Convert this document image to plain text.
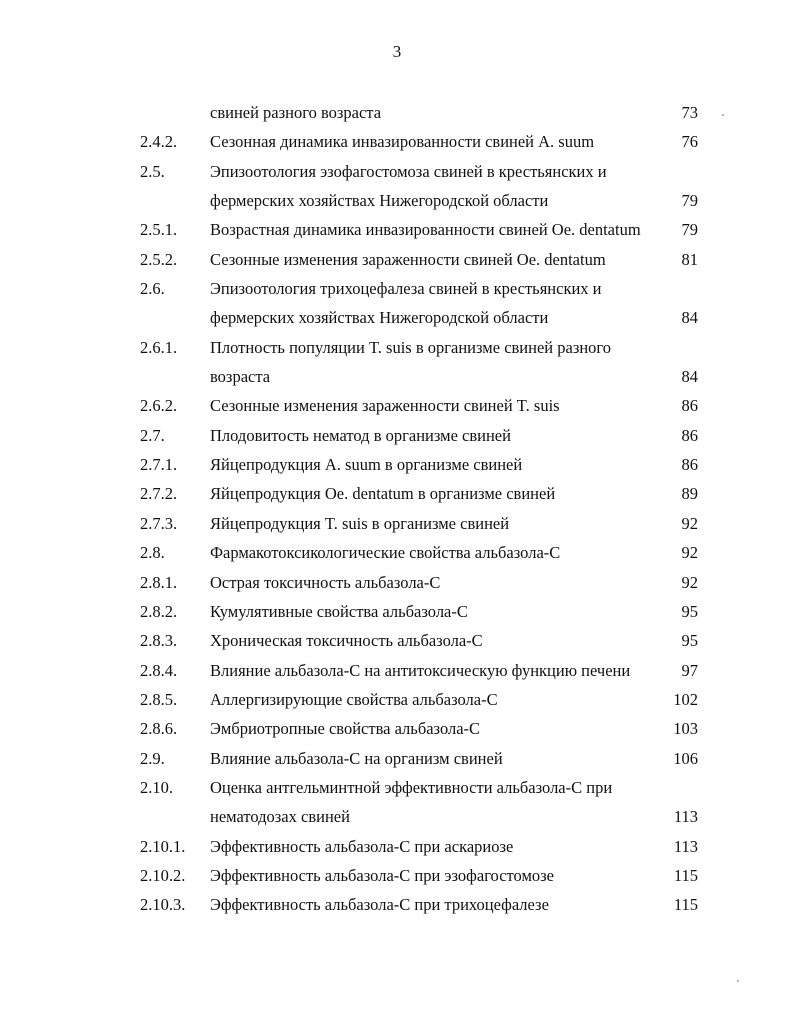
3
свиней разного возраста	73
2.4.2. Сезонная динамика инвазированности свиней A. suum	76
2.5.	Эпизоотология эзофагостомоза свиней в крестьянских и
фермерских хозяйствах Нижегородской области	79
2.5.1. Возрастная динамика инвазированности свиней Oe. dentatum	79
2.5.2. Сезонные изменения зараженности свиней Oe. dentatum	81
2.6.	Эпизоотология трихоцефалеза свиней в крестьянских и
фермерских хозяйствах Нижегородской области	84
2.6.1. Плотность популяции T. suis в организме свиней разного
возраста	84
2.6.2. Сезонные изменения зараженности свиней T. suis	86
2.7.	Плодовитость нематод в организме свиней	86
2.7.1. Яйцепродукция A. suum в организме свиней	86
2.7.2. Яйцепродукция Oe. dentatum в организме свиней	89
2.7.3. Яйцепродукция T. suis в организме свиней	92
2.8.	Фармакотоксикологические свойства альбазола-С	92
2.8.1. Острая токсичность альбазола-С	92
2.8.2. Кумулятивные свойства альбазола-С	95
2.8.3. Хроническая токсичность альбазола-С	95
2.8.4. Влияние альбазола-С на антитоксическую функцию печени	97
2.8.5. Аллергизирующие свойства альбазола-С	102
2.8.6. Эмбриотропные свойства альбазола-С	103
2.9.	Влияние альбазола-С на организм свиней	106
2.10. Оценка антгельминтной эффективности альбазола-С при
нематодозах свиней	113
2.10.1. Эффективность альбазола-С при аскариозе	113
2.10.2. Эффективность альбазола-С при эзофагостомозе	115
2.10.3. Эффективность альбазола-С при трихоцефалезе	115
